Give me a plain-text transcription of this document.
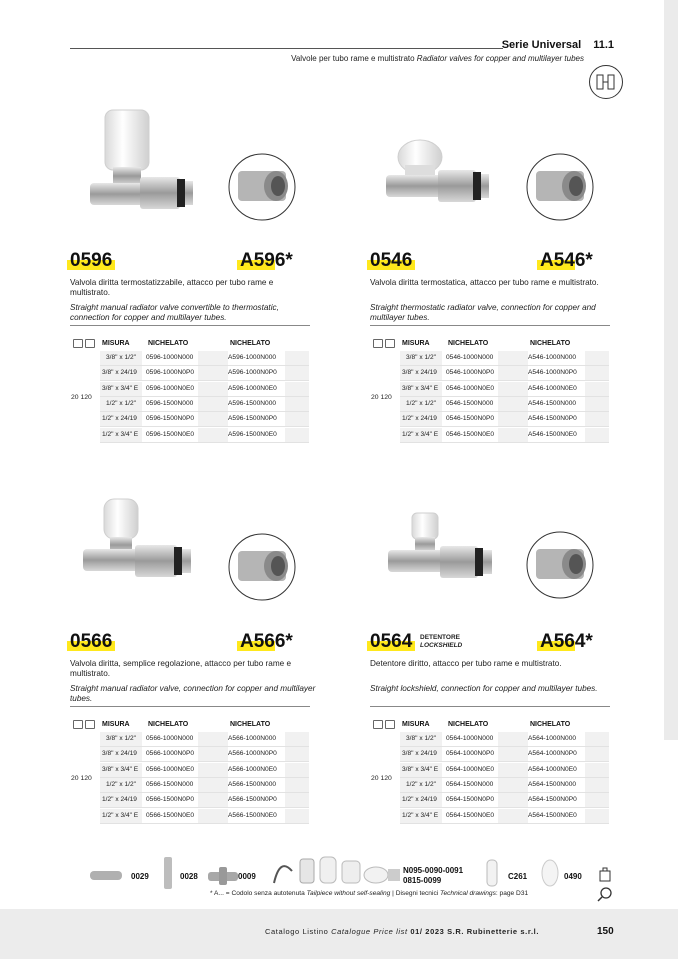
Serie Universal 11.1
Valvole per tubo rame e multistrato Radiator valves for copper and multilayer tubes
0596	A596*
Valvola diritta termostatizzabile, attacco per tubo rame e multistrato.
Straight manual radiator valve convertible to thermostatic, connection for copper and multilayer tubes.
MISURA	NICHELATO	NICHELATO
3/8" x 1/2" 0596-1000N000	A596-1000N000
3/8" x 24/19 0596-1000N0P0	A596-1000N0P0
3/8" x 3/4" E 0596-1000N0E0	A596-1000N0E0
1/2" x 1/2" 0596-1500N000	A596-1500N000
1/2" x 24/19 0596-1500N0P0	A596-1500N0P0
1/2" x 3/4" E 0596-1500N0E0	A596-1500N0E0
20 120
0546	A546*
Valvola diritta termostatica, attacco per tubo rame e multistrato.
Straight thermostatic radiator valve, connection for copper and multilayer tubes.
MISURA	NICHELATO	NICHELATO
3/8" x 1/2" 0546-1000N000	A546-1000N000
3/8" x 24/19 0546-1000N0P0	A546-1000N0P0
3/8" x 3/4" E 0546-1000N0E0	A546-1000N0E0
1/2" x 1/2" 0546-1500N000	A546-1500N000
1/2" x 24/19 0546-1500N0P0	A546-1500N0P0
1/2" x 3/4" E 0546-1500N0E0	A546-1500N0E0
20 120
0566	A566*
Valvola diritta, semplice regolazione, attacco per tubo rame e multistrato.
Straight manual radiator valve, connection for copper and multilayer tubes.
MISURA	NICHELATO	NICHELATO
3/8" x 1/2" 0566-1000N000	A566-1000N000
3/8" x 24/19 0566-1000N0P0	A566-1000N0P0
3/8" x 3/4" E 0566-1000N0E0	A566-1000N0E0
1/2" x 1/2" 0566-1500N000	A566-1500N000
1/2" x 24/19 0566-1500N0P0	A566-1500N0P0
1/2" x 3/4" E 0566-1500N0E0	A566-1500N0E0
20 120
0564 DETENTORE
LOCKSHIELD	A564*
Detentore diritto, attacco per tubo rame e multistrato.
Straight lockshield, connection for copper and multilayer tubes.
MISURA	NICHELATO	NICHELATO
3/8" x 1/2" 0564-1000N000	A564-1000N000
3/8" x 24/19 0564-1000N0P0	A564-1000N0P0
3/8" x 3/4" E 0564-1000N0E0	A564-1000N0E0
1/2" x 1/2" 0564-1500N000	A564-1500N000
1/2" x 24/19 0564-1500N0P0	A564-1500N0P0
1/2" x 3/4" E 0564-1500N0E0	A564-1500N0E0
20 120
0029	0028	0009
N095-0090-0091
0815-0099	C261	0490
* A... = Codolo senza autotenuta Tailpiece without self-sealing | Disegni tecnici Technical drawings: page D31
Catalogo Listino Catalogue Price list 01/ 2023 S.R. Rubinetterie s.r.l.	150
